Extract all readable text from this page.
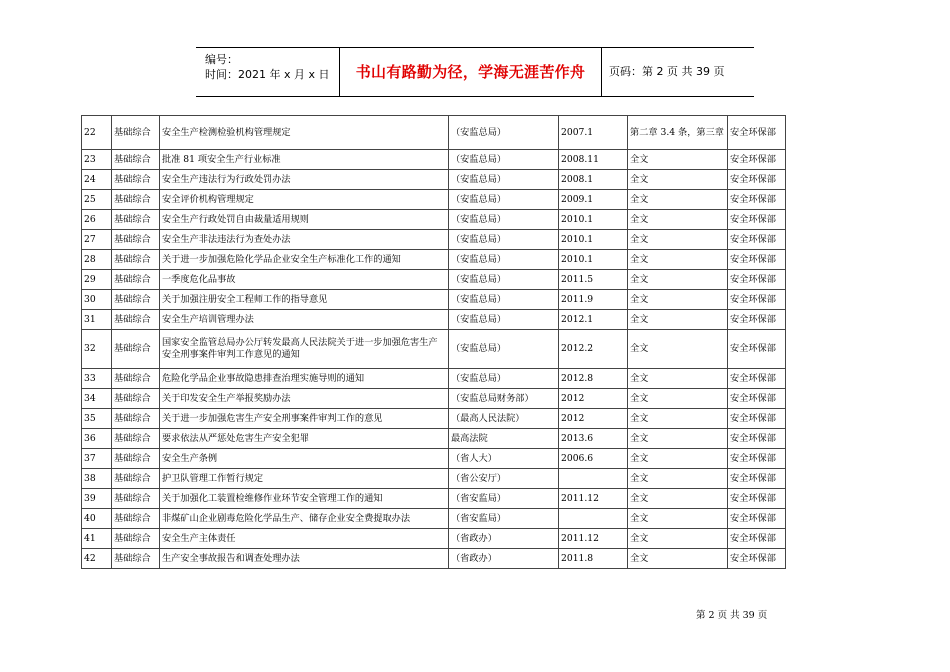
编号：
时间：2021 年 x 月 x 日	书山有路勤为径，学海无涯苦作舟	页码：第 2 页 共 39 页
22	基础综合	安全生产检测检验机构管理规定	（安监总局）	2007.1	第二章 3.4 条，第三章	安全环保部
23	基础综合	批准 81 项安全生产行业标准	（安监总局）	2008.11	全文	安全环保部
24	基础综合	安全生产违法行为行政处罚办法	（安监总局）	2008.1	全文	安全环保部
25	基础综合	安全评价机构管理规定	（安监总局）	2009.1	全文	安全环保部
26	基础综合	安全生产行政处罚自由裁量适用规则	（安监总局）	2010.1	全文	安全环保部
27	基础综合	安全生产非法违法行为查处办法	（安监总局）	2010.1	全文	安全环保部
28	基础综合	关于进一步加强危险化学品企业安全生产标准化工作的通知	（安监总局）	2010.1	全文	安全环保部
29	基础综合	一季度危化品事故	（安监总局）	2011.5	全文	安全环保部
30	基础综合	关于加强注册安全工程师工作的指导意见	（安监总局）	2011.9	全文	安全环保部
31	基础综合	安全生产培训管理办法	（安监总局）	2012.1	全文	安全环保部
32	基础综合	国家安全监管总局办公厅转发最高人民法院关于进一步加强危害生产安全刑事案件审判工作意见的通知	（安监总局）	2012.2	全文	安全环保部
33	基础综合	危险化学品企业事故隐患排查治理实施导则的通知	（安监总局）	2012.8	全文	安全环保部
34	基础综合	关于印发安全生产举报奖励办法	（安监总局财务部）	2012	全文	安全环保部
35	基础综合	关于进一步加强危害生产安全刑事案件审判工作的意见	（最高人民法院）	2012	全文	安全环保部
36	基础综合	要求依法从严惩处危害生产安全犯罪	最高法院	2013.6	全文	安全环保部
37	基础综合	安全生产条例	（省人大）	2006.6	全文	安全环保部
38	基础综合	护卫队管理工作暂行规定	（省公安厅）		全文	安全环保部
39	基础综合	关于加强化工装置检维修作业环节安全管理工作的通知	（省安监局）	2011.12	全文	安全环保部
40	基础综合	非煤矿山企业剧毒危险化学品生产、储存企业安全费提取办法	（省安监局）		全文	安全环保部
41	基础综合	安全生产主体责任	（省政办）	2011.12	全文	安全环保部
42	基础综合	生产安全事故报告和调查处理办法	（省政办）	2011.8	全文	安全环保部
第 2 页 共 39 页
